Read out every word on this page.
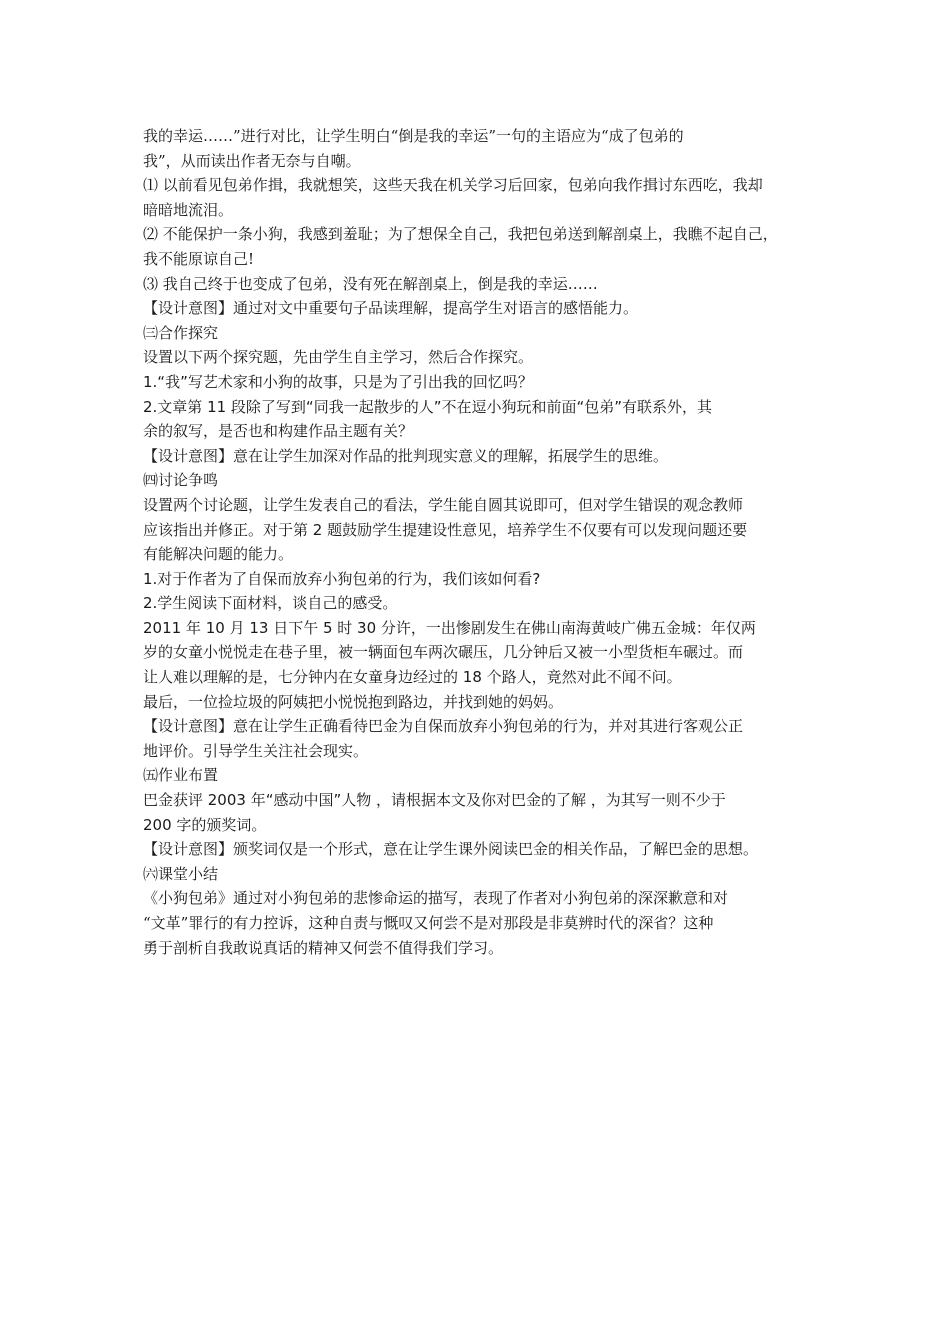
我的幸运……”进行对比，让学生明白“倒是我的幸运”一句的主语应为“成了包弟的
我”，从而读出作者无奈与自嘲。
⑴ 以前看见包弟作揖，我就想笑，这些天我在机关学习后回家，包弟向我作揖讨东西吃，我却
暗暗地流泪。
⑵ 不能保护一条小狗，我感到羞耻；为了想保全自己，我把包弟送到解剖桌上，我瞧不起自己，
我不能原谅自己!
⑶ 我自己终于也变成了包弟，没有死在解剖桌上，倒是我的幸运……
【设计意图】通过对文中重要句子品读理解，提高学生对语言的感悟能力。
㈢合作探究
设置以下两个探究题，先由学生自主学习，然后合作探究。
1.“我”写艺术家和小狗的故事，只是为了引出我的回忆吗？
2.文章第 11 段除了写到“同我一起散步的人”不在逗小狗玩和前面“包弟”有联系外，其
余的叙写，是否也和构建作品主题有关？
【设计意图】意在让学生加深对作品的批判现实意义的理解，拓展学生的思维。
㈣讨论争鸣
设置两个讨论题，让学生发表自己的看法，学生能自圆其说即可，但对学生错误的观念教师
应该指出并修正。对于第 2 题鼓励学生提建设性意见，培养学生不仅要有可以发现问题还要
有能解决问题的能力。
1.对于作者为了自保而放弃小狗包弟的行为，我们该如何看?
2.学生阅读下面材料，谈自己的感受。
2011 年 10 月 13 日下午 5 时 30 分许，一出惨剧发生在佛山南海黄岐广佛五金城：年仅两
岁的女童小悦悦走在巷子里，被一辆面包车两次碾压，几分钟后又被一小型货柜车碾过。而
让人难以理解的是，七分钟内在女童身边经过的 18 个路人，竟然对此不闻不问。
最后，一位捡垃圾的阿姨把小悦悦抱到路边，并找到她的妈妈。
【设计意图】意在让学生正确看待巴金为自保而放弃小狗包弟的行为，并对其进行客观公正
地评价。引导学生关注社会现实。
㈤作业布置
巴金获评 2003 年“感动中国”人物 ，请根据本文及你对巴金的了解 ，为其写一则不少于
200 字的颁奖词。
【设计意图】颁奖词仅是一个形式，意在让学生课外阅读巴金的相关作品，了解巴金的思想。
㈥课堂小结
《小狗包弟》通过对小狗包弟的悲惨命运的描写，表现了作者对小狗包弟的深深歉意和对
“文革”罪行的有力控诉，这种自责与慨叹又何尝不是对那段是非莫辨时代的深省？这种
勇于剖析自我敢说真话的精神又何尝不值得我们学习。
